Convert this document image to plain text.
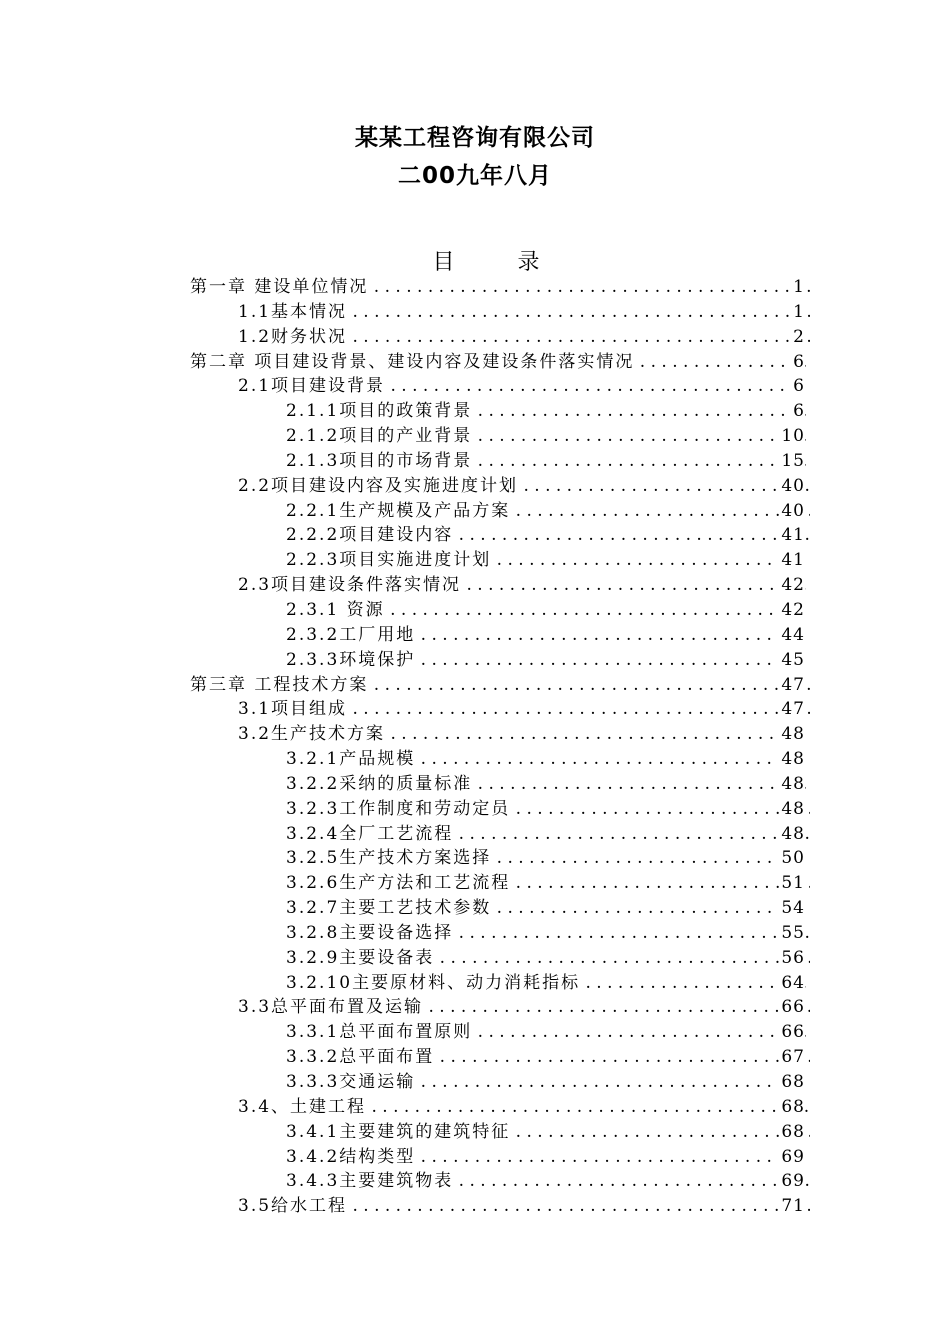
某某工程咨询有限公司
二00九年八月
目 录
第一章 建设单位情况 . . .	1
1.1基本情况 . . .	1
1.2财务状况 . . .	2
第二章 项目建设背景、建设内容及建设条件落实情况 . . .	6
2.1项目建设背景 . . .	6
2.1.1项目的政策背景 . . .	6
2.1.2项目的产业背景 . . .	10
2.1.3项目的市场背景 . . .	15
2.2项目建设内容及实施进度计划 . . .	40
2.2.1生产规模及产品方案 . . .	40
2.2.2项目建设内容 . . .	41
2.2.3项目实施进度计划 . . .	41
2.3项目建设条件落实情况 . . .	42
2.3.1 资源 . . .	42
2.3.2工厂用地 . . .	44
2.3.3环境保护 . . .	45
第三章 工程技术方案 . . .	47
3.1项目组成 . . .	47
3.2生产技术方案 . . .	48
3.2.1产品规模 . . .	48
3.2.2采纳的质量标准 . . .	48
3.2.3工作制度和劳动定员 . . .	48
3.2.4全厂工艺流程 . . .	48
3.2.5生产技术方案选择 . . .	50
3.2.6生产方法和工艺流程 . . .	51
3.2.7主要工艺技术参数 . . .	54
3.2.8主要设备选择 . . .	55
3.2.9主要设备表 . . .	56
3.2.10主要原材料、动力消耗指标 . . .	64
3.3总平面布置及运输 . . .	66
3.3.1总平面布置原则 . . .	66
3.3.2总平面布置 . . .	67
3.3.3交通运输 . . .	68
3.4、土建工程 . . .	68
3.4.1主要建筑的建筑特征 . . .	68
3.4.2结构类型 . . .	69
3.4.3主要建筑物表 . . .	69
3.5给水工程 . . .	71
